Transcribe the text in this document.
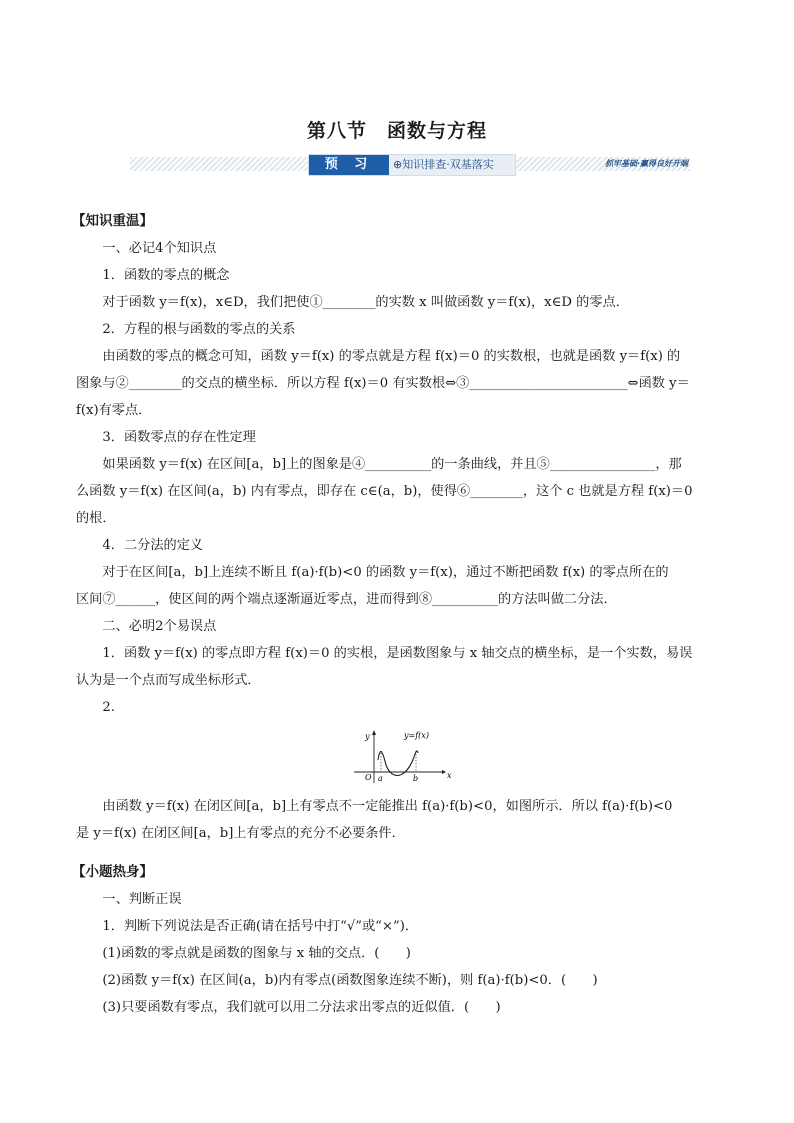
第八节　函数与方程
预 习	⊕知识排查·双基落实	抓牢基础·赢得良好开端

【知识重温】

一、必记4个知识点

1．函数的零点的概念

对于函数 y＝f(x)，x∈D，我们把使①________的实数 x 叫做函数 y＝f(x)，x∈D 的零点．

2．方程的根与函数的零点的关系

由函数的零点的概念可知，函数 y＝f(x) 的零点就是方程 f(x)＝0 的实数根，也就是函数 y＝f(x) 的

图象与②________的交点的横坐标．所以方程 f(x)＝0 有实数根⇔③________________________⇔函数 y＝

f(x)有零点．

3．函数零点的存在性定理

如果函数 y＝f(x) 在区间[a，b]上的图象是④__________的一条曲线，并且⑤________________，那

么函数 y＝f(x) 在区间(a，b) 内有零点，即存在 c∈(a，b)，使得⑥________，这个 c 也就是方程 f(x)＝0

的根．

4．二分法的定义

对于在区间[a，b]上连续不断且 f(a)·f(b)<0 的函数 y＝f(x)，通过不断把函数 f(x) 的零点所在的

区间⑦______，使区间的两个端点逐渐逼近零点，进而得到⑧__________的方法叫做二分法．

二、必明2个易误点

1．函数 y＝f(x) 的零点即方程 f(x)＝0 的实根，是函数图象与 x 轴交点的横坐标，是一个实数，易误

认为是一个点而写成坐标形式．

2.

y
x
O a	b
y=f(x)

由函数 y＝f(x) 在闭区间[a，b]上有零点不一定能推出 f(a)·f(b)<0，如图所示．所以 f(a)·f(b)<0

是 y＝f(x) 在闭区间[a，b]上有零点的充分不必要条件．

【小题热身】

一、判断正误

1．判断下列说法是否正确(请在括号中打“√”或“×”)．

(1)函数的零点就是函数的图象与 x 轴的交点．(　　)

(2)函数 y＝f(x) 在区间(a，b)内有零点(函数图象连续不断)，则 f(a)·f(b)<0．(　　)

(3)只要函数有零点，我们就可以用二分法求出零点的近似值．(　　)
